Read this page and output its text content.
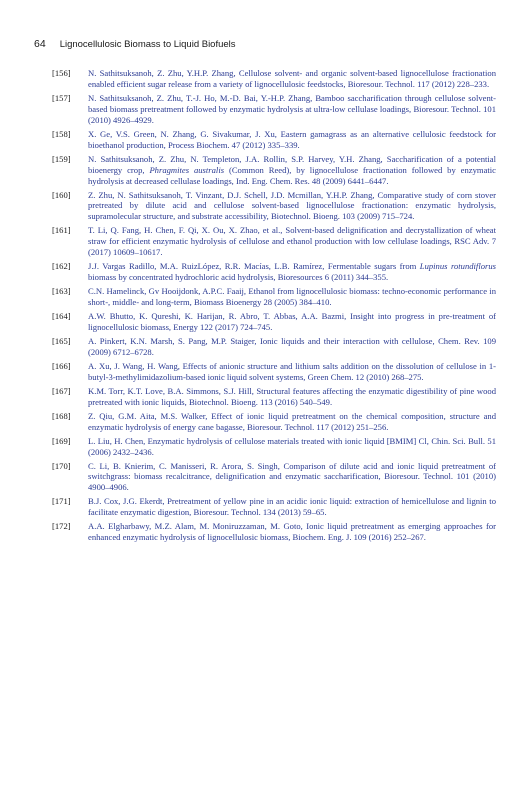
64 Lignocellulosic Biomass to Liquid Biofuels
[156]	N. Sathitsuksanoh, Z. Zhu, Y.H.P. Zhang, Cellulose solvent- and organic solvent-based lignocellulose fractionation enabled efficient sugar release from a variety of lignocellulosic feedstocks, Bioresour. Technol. 117 (2012) 228–233.
[157]	N. Sathitsuksanoh, Z. Zhu, T.-J. Ho, M.-D. Bai, Y.-H.P. Zhang, Bamboo saccharification through cellulose solvent-based biomass pretreatment followed by enzymatic hydrolysis at ultra-low cellulase loadings, Bioresour. Technol. 101 (2010) 4926–4929.
[158]	X. Ge, V.S. Green, N. Zhang, G. Sivakumar, J. Xu, Eastern gamagrass as an alternative cellulosic feedstock for bioethanol production, Process Biochem. 47 (2012) 335–339.
[159]	N. Sathitsuksanoh, Z. Zhu, N. Templeton, J.A. Rollin, S.P. Harvey, Y.H. Zhang, Saccharification of a potential bioenergy crop, Phragmites australis (Common Reed), by lignocellulose fractionation followed by enzymatic hydrolysis at decreased cellulase loadings, Ind. Eng. Chem. Res. 48 (2009) 6441–6447.
[160]	Z. Zhu, N. Sathitsuksanoh, T. Vinzant, D.J. Schell, J.D. Mcmillan, Y.H.P. Zhang, Comparative study of corn stover pretreated by dilute acid and cellulose solvent-based lignocellulose fractionation: enzymatic hydrolysis, supramolecular structure, and substrate accessibility, Biotechnol. Bioeng. 103 (2009) 715–724.
[161]	T. Li, Q. Fang, H. Chen, F. Qi, X. Ou, X. Zhao, et al., Solvent-based delignification and decrystallization of wheat straw for efficient enzymatic hydrolysis of cellulose and ethanol production with low cellulase loadings, RSC Adv. 7 (2017) 10609–10617.
[162]	J.J. Vargas Radillo, M.A. RuizLópez, R.R. Macías, L.B. Ramírez, Fermentable sugars from Lupinus rotundiflorus biomass by concentrated hydrochloric acid hydrolysis, Bioresources 6 (2011) 344–355.
[163]	C.N. Hamelinck, Gv Hooijdonk, A.P.C. Faaij, Ethanol from lignocellulosic biomass: techno-economic performance in short-, middle- and long-term, Biomass Bioenergy 28 (2005) 384–410.
[164]	A.W. Bhutto, K. Qureshi, K. Harijan, R. Abro, T. Abbas, A.A. Bazmi, Insight into progress in pre-treatment of lignocellulosic biomass, Energy 122 (2017) 724–745.
[165]	A. Pinkert, K.N. Marsh, S. Pang, M.P. Staiger, Ionic liquids and their interaction with cellulose, Chem. Rev. 109 (2009) 6712–6728.
[166]	A. Xu, J. Wang, H. Wang, Effects of anionic structure and lithium salts addition on the dissolution of cellulose in 1-butyl-3-methylimidazolium-based ionic liquid solvent systems, Green Chem. 12 (2010) 268–275.
[167]	K.M. Torr, K.T. Love, B.A. Simmons, S.J. Hill, Structural features affecting the enzymatic digestibility of pine wood pretreated with ionic liquids, Biotechnol. Bioeng. 113 (2016) 540–549.
[168]	Z. Qiu, G.M. Aita, M.S. Walker, Effect of ionic liquid pretreatment on the chemical composition, structure and enzymatic hydrolysis of energy cane bagasse, Bioresour. Technol. 117 (2012) 251–256.
[169]	L. Liu, H. Chen, Enzymatic hydrolysis of cellulose materials treated with ionic liquid [BMIM] Cl, Chin. Sci. Bull. 51 (2006) 2432–2436.
[170]	C. Li, B. Knierim, C. Manisseri, R. Arora, S. Singh, Comparison of dilute acid and ionic liquid pretreatment of switchgrass: biomass recalcitrance, delignification and enzymatic saccharification, Bioresour. Technol. 101 (2010) 4900–4906.
[171]	B.J. Cox, J.G. Ekerdt, Pretreatment of yellow pine in an acidic ionic liquid: extraction of hemicellulose and lignin to facilitate enzymatic digestion, Bioresour. Technol. 134 (2013) 59–65.
[172]	A.A. Elgharbawy, M.Z. Alam, M. Moniruzzaman, M. Goto, Ionic liquid pretreatment as emerging approaches for enhanced enzymatic hydrolysis of lignocellulosic biomass, Biochem. Eng. J. 109 (2016) 252–267.
